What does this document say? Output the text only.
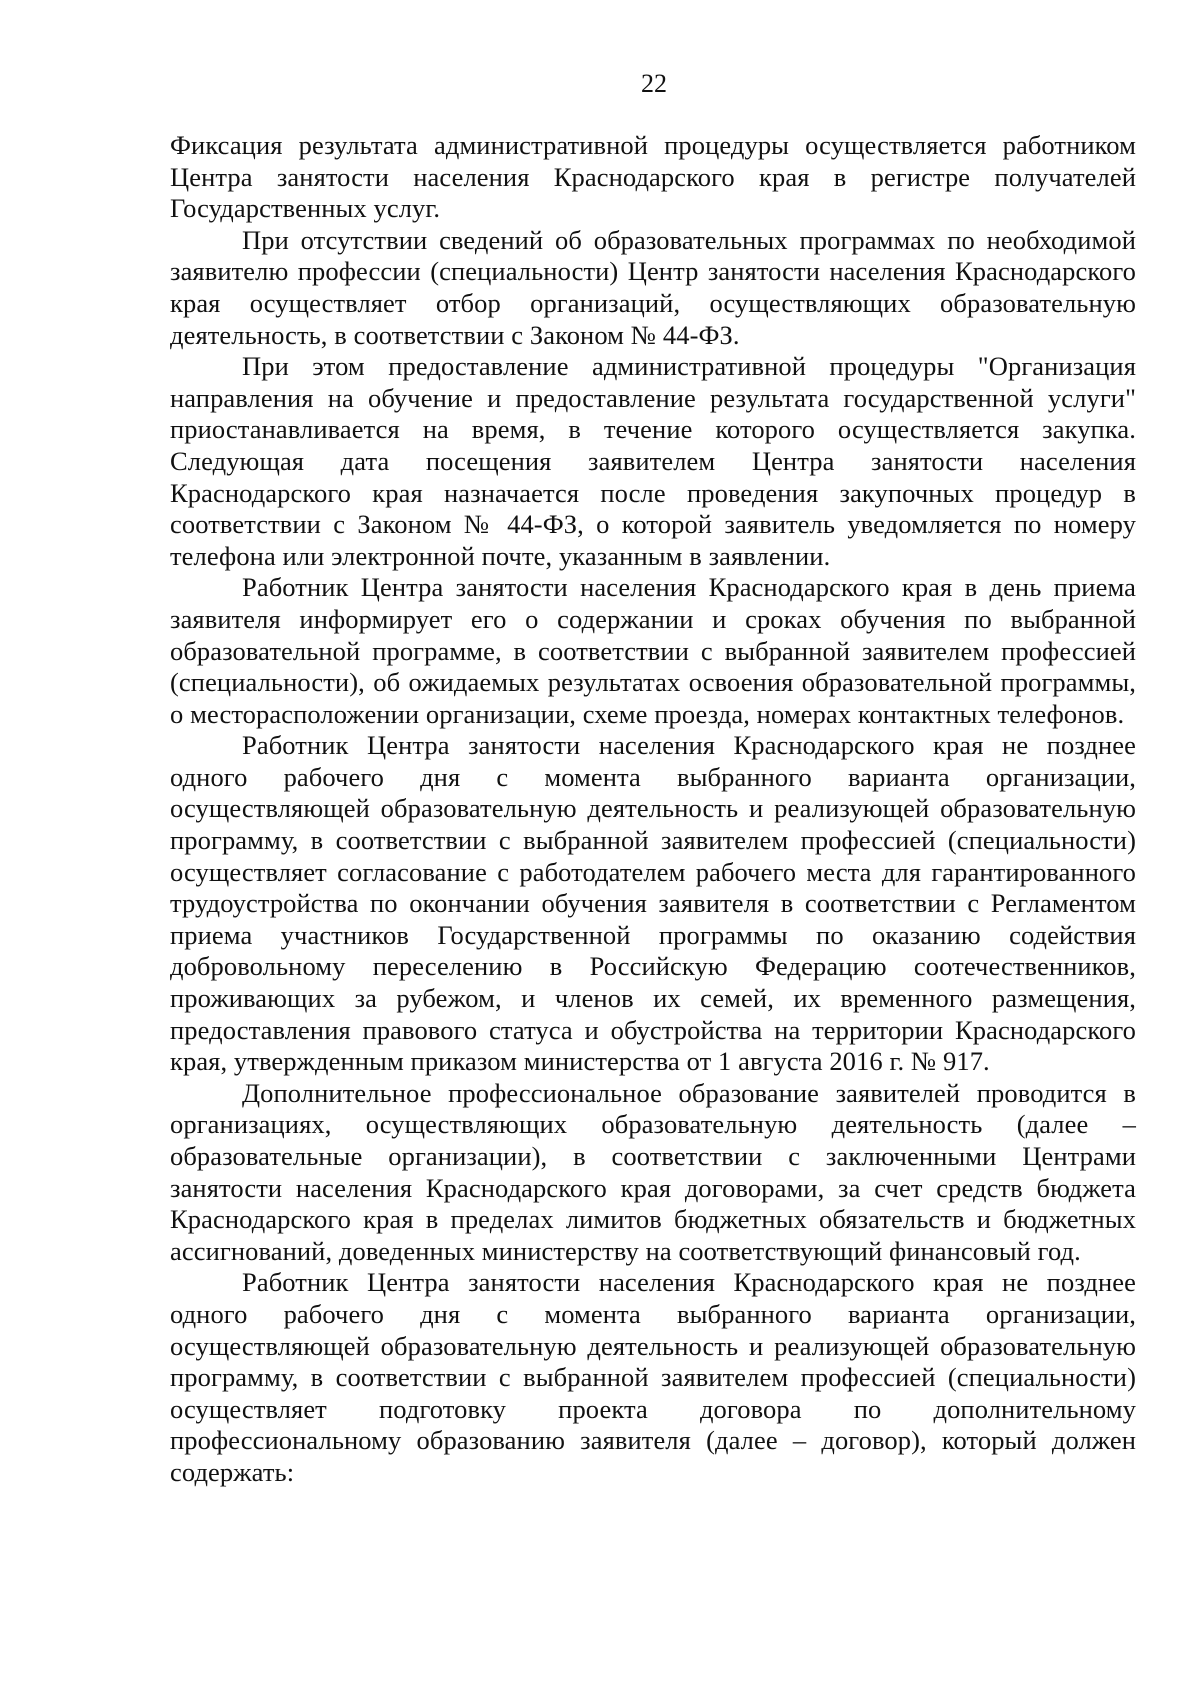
22

Фиксация результата административной процедуры осуществляется работником Центра занятости населения Краснодарского края в регистре получателей Государственных услуг.

При отсутствии сведений об образовательных программах по необходимой заявителю профессии (специальности) Центр занятости населения Краснодарского края осуществляет отбор организаций, осуществляющих образовательную деятельность, в соответствии с Законом № 44-ФЗ.

При этом предоставление административной процедуры "Организация направления на обучение и предоставление результата государственной услуги" приостанавливается на время, в течение которого осуществляется закупка. Следующая дата посещения заявителем Центра занятости населения Краснодарского края назначается после проведения закупочных процедур в соответствии с Законом № 44-ФЗ, о которой заявитель уведомляется по номеру телефона или электронной почте, указанным в заявлении.

Работник Центра занятости населения Краснодарского края в день приема заявителя информирует его о содержании и сроках обучения по выбранной образовательной программе, в соответствии с выбранной заявителем профессией (специальности), об ожидаемых результатах освоения образовательной программы, о месторасположении организации, схеме проезда, номерах контактных телефонов.

Работник Центра занятости населения Краснодарского края не позднее одного рабочего дня с момента выбранного варианта организации, осуществляющей образовательную деятельность и реализующей образовательную программу, в соответствии с выбранной заявителем профессией (специальности) осуществляет согласование с работодателем рабочего места для гарантированного трудоустройства по окончании обучения заявителя в соответствии с Регламентом приема участников Государственной программы по оказанию содействия добровольному переселению в Российскую Федерацию соотечественников, проживающих за рубежом, и членов их семей, их временного размещения, предоставления правового статуса и обустройства на территории Краснодарского края, утвержденным приказом министерства от 1 августа 2016 г. № 917.

Дополнительное профессиональное образование заявителей проводится в организациях, осуществляющих образовательную деятельность (далее – образовательные организации), в соответствии с заключенными Центрами занятости населения Краснодарского края договорами, за счет средств бюджета Краснодарского края в пределах лимитов бюджетных обязательств и бюджетных ассигнований, доведенных министерству на соответствующий финансовый год.

Работник Центра занятости населения Краснодарского края не позднее одного рабочего дня с момента выбранного варианта организации, осуществляющей образовательную деятельность и реализующей образовательную программу, в соответствии с выбранной заявителем профессией (специальности) осуществляет подготовку проекта договора по дополнительному профессиональному образованию заявителя (далее – договор), который должен содержать:
